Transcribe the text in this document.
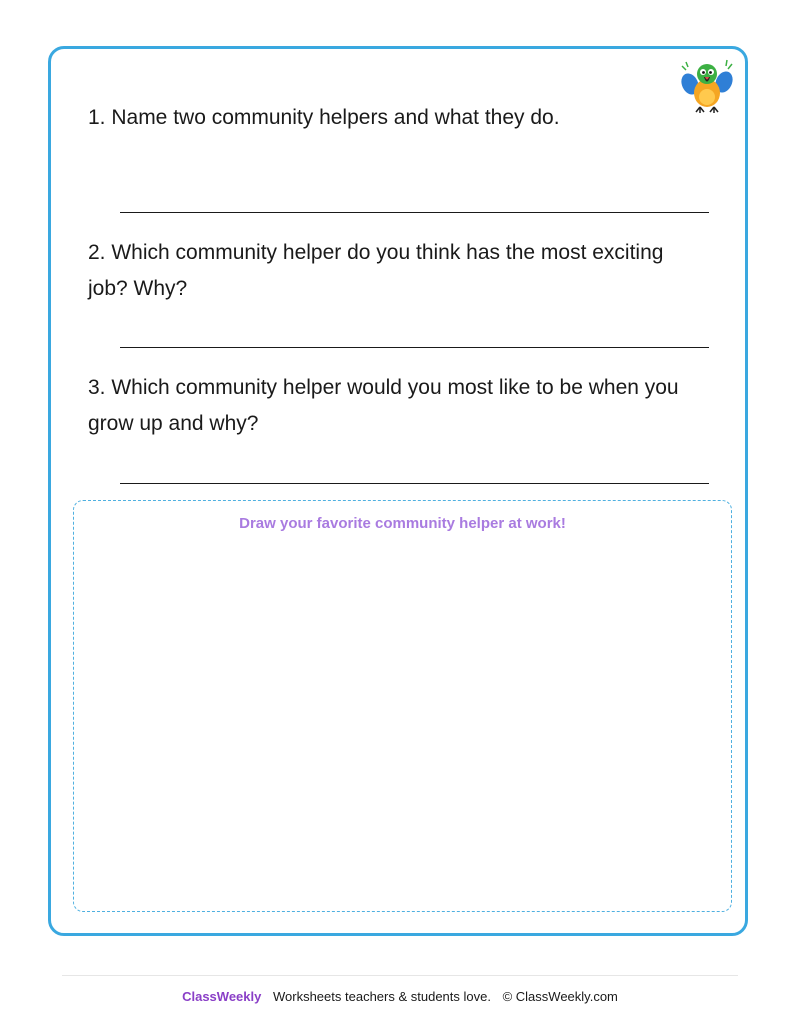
1. Name two community helpers and what they do.

2. Which community helper do you think has the most exciting job? Why?

3. Which community helper would you most like to be when you grow up and why?

Draw your favorite community helper at work!
ClassWeekly Worksheets teachers & students love. © ClassWeekly.com
